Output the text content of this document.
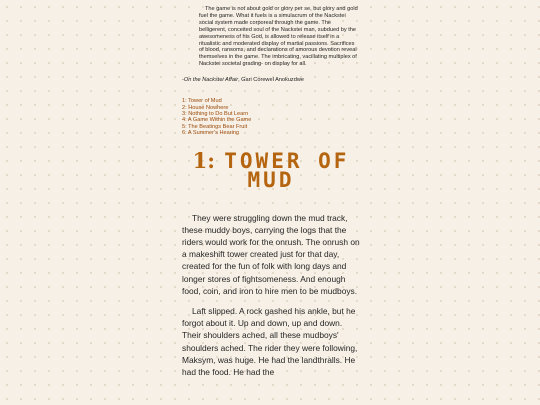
The game is not about gold or glory per se, but glory and gold fuel the game. What it fuels is a simulacrum of the Nackstei social system made corporeal through the game. The belligerent, conceited soul of the Nackstei man, subdued by the awesomeness of his God, is allowed to release itself in a ritualistic and moderated display of martial passions. Sacrifices of blood, ransoms, and declarations of amorous devotion reveal themselves in the game. The imbricating, vacillating multiplex of Nackstei societal grading- on display for all.

-On the Nackstei Affair, Gari Corewel Anokuzdwe

1: Tower of Mud
2: House Nowhere
3: Nothing to Do But Learn
4: A Game Within the Game
5: The Beatings Bear Fruit
6: A Summer's Hearing
1: TOWER OF MUD

They were struggling down the mud track, these muddy boys, carrying the logs that the riders would work for the onrush. The onrush on a makeshift tower created just for that day, created for the fun of folk with long days and longer stores of fightsomeness. And enough food, coin, and iron to hire men to be mudboys.

Laft slipped. A rock gashed his ankle, but he forgot about it. Up and down, up and down. Their shoulders ached, all these mudboys' shoulders ached. The rider they were following, Maksym, was huge. He had the landthralls. He had the food. He had the
